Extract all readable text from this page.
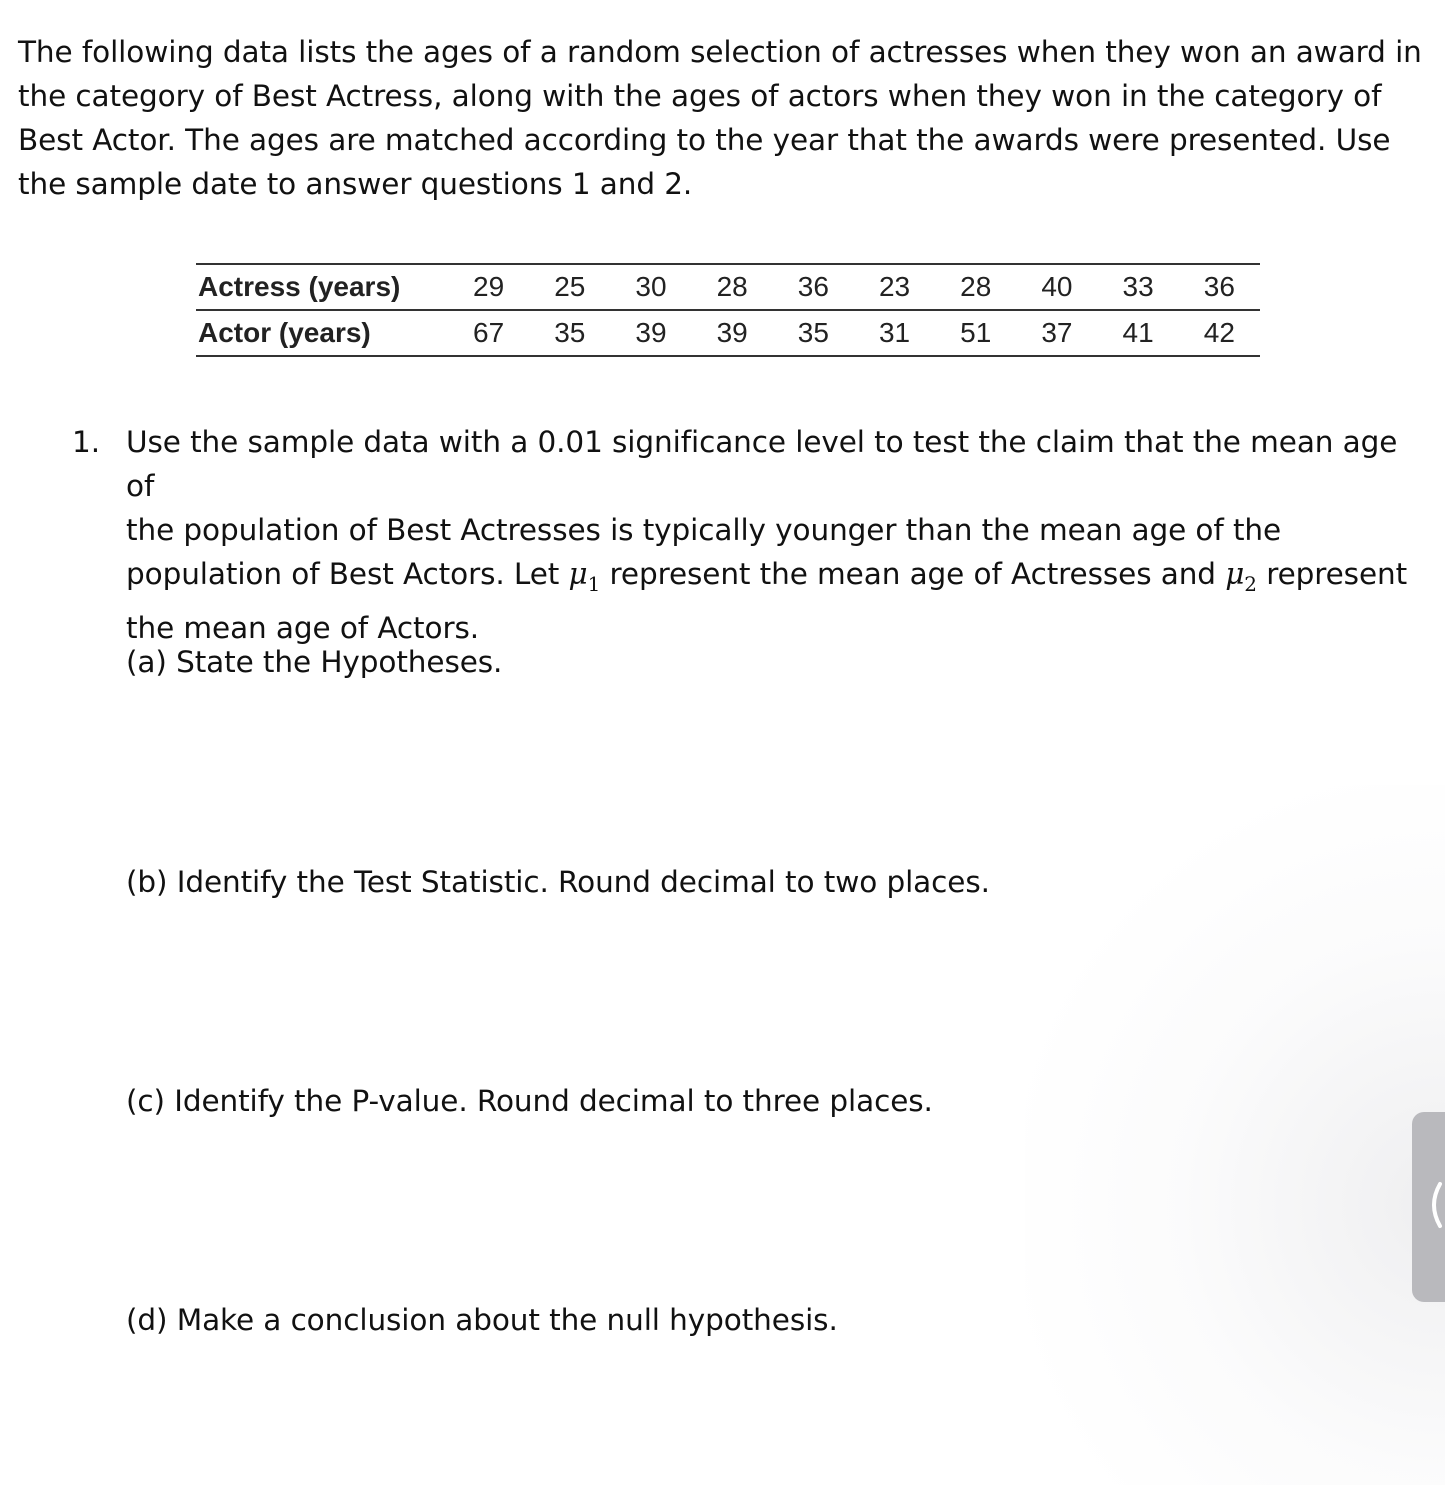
The following data lists the ages of a random selection of actresses when they won an award in
the category of Best Actress, along with the ages of actors when they won in the category of
Best Actor. The ages are matched according to the year that the awards were presented. Use
the sample date to answer questions 1 and 2.

Actress (years)	29	25	30	28	36	23	28	40	33	36
Actor (years)	67	35	39	39	35	31	51	37	41	42
1. Use the sample data with a 0.01 significance level to test the claim that the mean age of
the population of Best Actresses is typically younger than the mean age of the
population of Best Actors. Let $\mu_1$ represent the mean age of Actresses and $\mu_2$ represent
the mean age of Actors.

(a) State the Hypotheses.

(b) Identify the Test Statistic. Round decimal to two places.

(c) Identify the P-value. Round decimal to three places.

(d) Make a conclusion about the null hypothesis.
